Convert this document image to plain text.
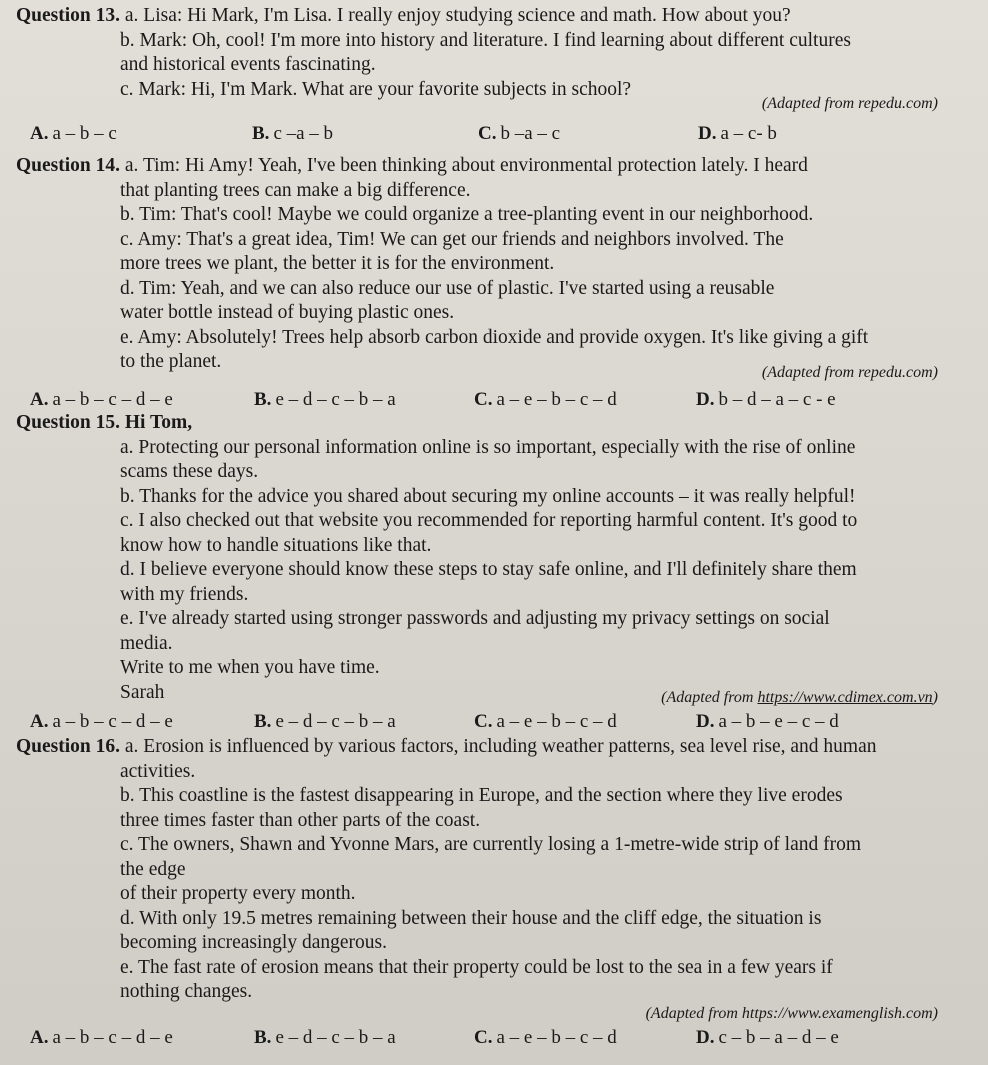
Question 13. a. Lisa: Hi Mark, I'm Lisa. I really enjoy studying science and math. How about you?
b. Mark: Oh, cool! I'm more into history and literature. I find learning about different cultures
and historical events fascinating.
c. Mark: Hi, I'm Mark. What are your favorite subjects in school?
(Adapted from repedu.com)
A. a – b – c	B. c –a – b	C. b –a – c	D. a – c- b
Question 14. a. Tim: Hi Amy! Yeah, I've been thinking about environmental protection lately. I heard
that planting trees can make a big difference.
b. Tim: That's cool! Maybe we could organize a tree-planting event in our neighborhood.
c. Amy: That's a great idea, Tim! We can get our friends and neighbors involved. The
more trees we plant, the better it is for the environment.
d. Tim: Yeah, and we can also reduce our use of plastic. I've started using a reusable
water bottle instead of buying plastic ones.
e. Amy: Absolutely! Trees help absorb carbon dioxide and provide oxygen. It's like giving a gift
to the planet.
(Adapted from repedu.com)
A. a – b – c – d – e	B. e – d – c – b – a	C. a – e – b – c – d	D. b – d – a – c - e
Question 15. Hi Tom,
a. Protecting our personal information online is so important, especially with the rise of online
scams these days.
b. Thanks for the advice you shared about securing my online accounts – it was really helpful!
c. I also checked out that website you recommended for reporting harmful content. It's good to
know how to handle situations like that.
d. I believe everyone should know these steps to stay safe online, and I'll definitely share them
with my friends.
e. I've already started using stronger passwords and adjusting my privacy settings on social
media.
Write to me when you have time.
Sarah	(Adapted from https://www.cdimex.com.vn)
A. a – b – c – d – e	B. e – d – c – b – a	C. a – e – b – c – d	D. a – b – e – c – d
Question 16. a. Erosion is influenced by various factors, including weather patterns, sea level rise, and human
activities.
b. This coastline is the fastest disappearing in Europe, and the section where they live erodes
three times faster than other parts of the coast.
c. The owners, Shawn and Yvonne Mars, are currently losing a 1-metre-wide strip of land from
the edge
of their property every month.
d. With only 19.5 metres remaining between their house and the cliff edge, the situation is
becoming increasingly dangerous.
e. The fast rate of erosion means that their property could be lost to the sea in a few years if
nothing changes.
(Adapted from https://www.examenglish.com)
A. a – b – c – d – e	B. e – d – c – b – a	C. a – e – b – c – d	D. c – b – a – d – e
